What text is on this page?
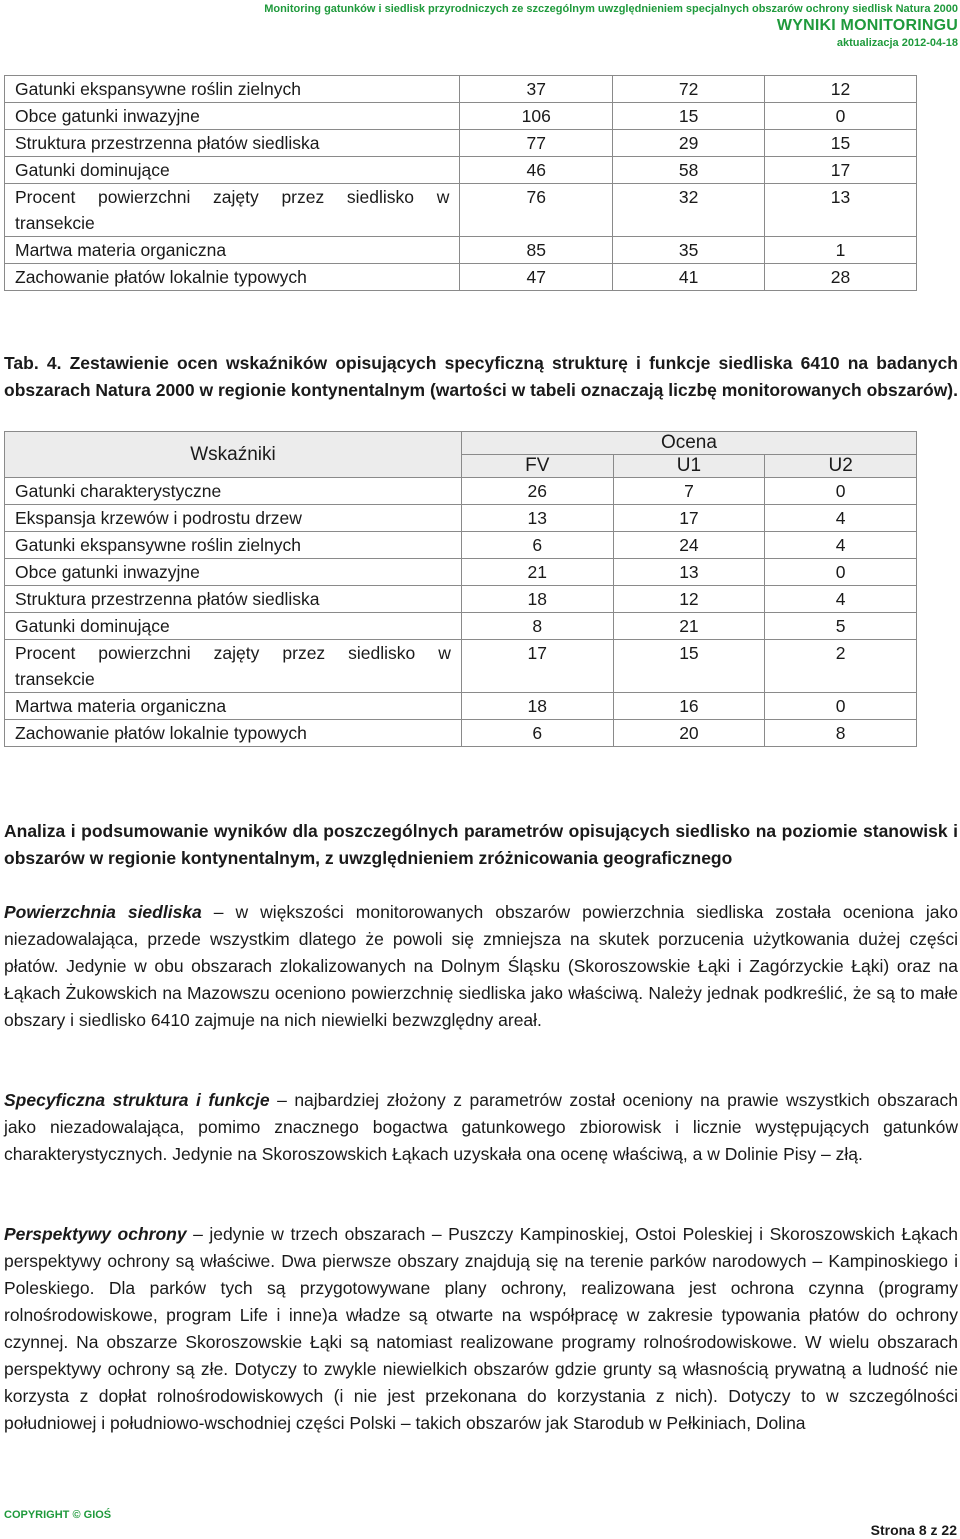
Monitoring gatunków i siedlisk przyrodniczych ze szczególnym uwzględnieniem specjalnych obszarów ochrony siedlisk Natura 2000
WYNIKI MONITORINGU
aktualizacja 2012-04-18
Gatunki ekspansywne roślin zielnych	37	72	12
Obce gatunki inwazyjne	106	15	0
Struktura przestrzenna płatów siedliska	77	29	15
Gatunki dominujące	46	58	17

Procent powierzchni zajęty przez siedlisko w
transekcie	76	32	13
Martwa materia organiczna	85	35	1
Zachowanie płatów lokalnie typowych	47	41	28
Tab. 4. Zestawienie ocen wskaźników opisujących specyficzną strukturę i funkcje siedliska 6410 na badanych obszarach Natura 2000 w regionie kontynentalnym (wartości w tabeli oznaczają liczbę monitorowanych obszarów).
Wskaźniki	Ocena		
	FV	U1	U2
Gatunki charakterystyczne	26	7	0
Ekspansja krzewów i podrostu drzew	13	17	4
Gatunki ekspansywne roślin zielnych	6	24	4
Obce gatunki inwazyjne	21	13	0
Struktura przestrzenna płatów siedliska	18	12	4
Gatunki dominujące	8	21	5

Procent powierzchni zajęty przez siedlisko w
transekcie	17	15	2
Martwa materia organiczna	18	16	0
Zachowanie płatów lokalnie typowych	6	20	8
Analiza i podsumowanie wyników dla poszczególnych parametrów opisujących siedlisko na poziomie stanowisk i obszarów w regionie kontynentalnym, z uwzględnieniem zróżnicowania geograficznego
Powierzchnia siedliska – w większości monitorowanych obszarów powierzchnia siedliska została oceniona jako niezadowalająca, przede wszystkim dlatego że powoli się zmniejsza na skutek porzucenia użytkowania dużej części płatów. Jedynie w obu obszarach zlokalizowanych na Dolnym Śląsku (Skoroszowskie Łąki i Zagórzyckie Łąki) oraz na Łąkach Żukowskich na Mazowszu oceniono powierzchnię siedliska jako właściwą. Należy jednak podkreślić, że są to małe obszary i siedlisko 6410 zajmuje na nich niewielki bezwzględny areał.
Specyficzna struktura i funkcje – najbardziej złożony z parametrów został oceniony na prawie wszystkich obszarach jako niezadowalająca, pomimo znacznego bogactwa gatunkowego zbiorowisk i licznie występujących gatunków charakterystycznych. Jedynie na Skoroszowskich Łąkach uzyskała ona ocenę właściwą, a w Dolinie Pisy – złą.
Perspektywy ochrony – jedynie w trzech obszarach – Puszczy Kampinoskiej, Ostoi Poleskiej i Skoroszowskich Łąkach perspektywy ochrony są właściwe. Dwa pierwsze obszary znajdują się na terenie parków narodowych – Kampinoskiego i Poleskiego. Dla parków tych są przygotowywane plany ochrony, realizowana jest ochrona czynna (programy rolnośrodowiskowe, program Life i inne)a władze są otwarte na współpracę w zakresie typowania płatów do ochrony czynnej. Na obszarze Skoroszowskie Łąki są natomiast realizowane programy rolnośrodowiskowe. W wielu obszarach perspektywy ochrony są złe. Dotyczy to zwykle niewielkich obszarów gdzie grunty są własnością prywatną a ludność nie korzysta z dopłat rolnośrodowiskowych (i nie jest przekonana do korzystania z nich). Dotyczy to w szczególności południowej i południowo-wschodniej części Polski – takich obszarów jak Starodub w Pełkiniach, Dolina
COPYRIGHT © GIOŚ
Strona 8 z 22
